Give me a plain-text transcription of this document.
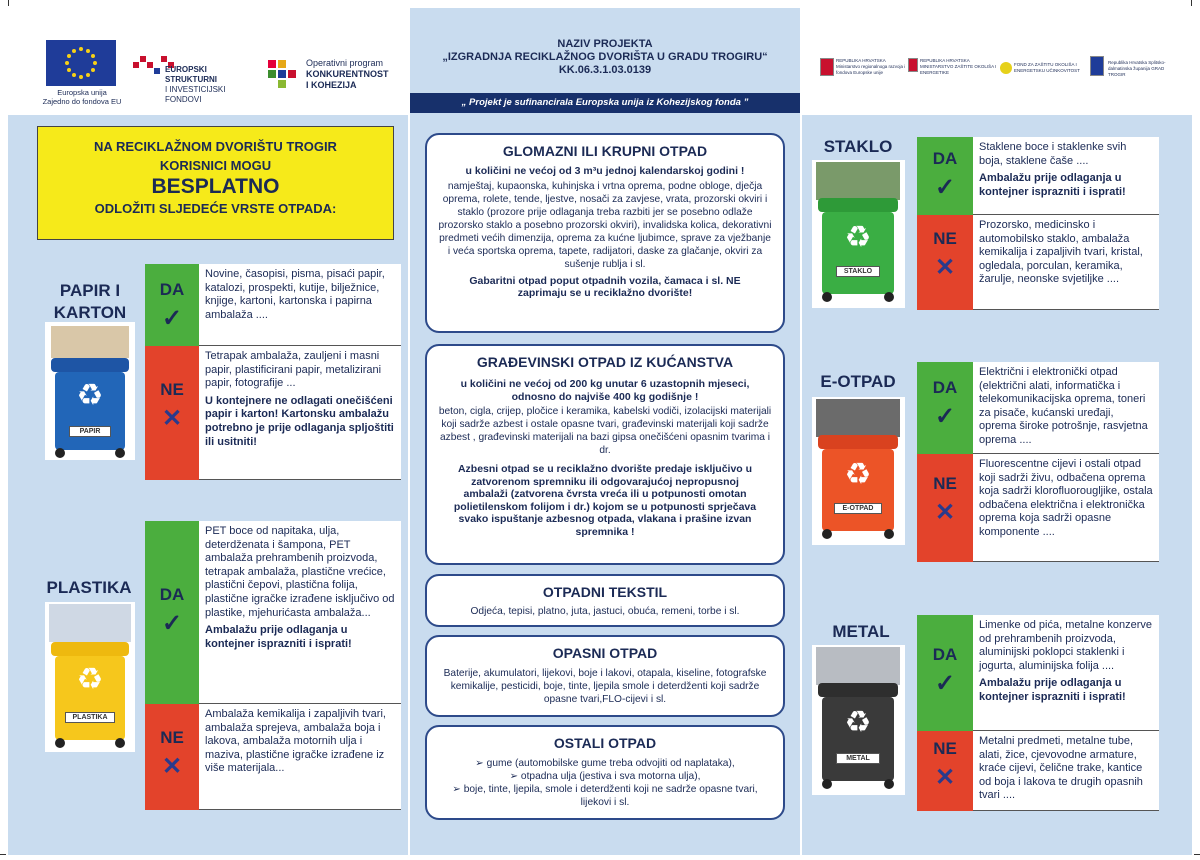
Europska unija
Zajedno do fondova EU
EUROPSKI STRUKTURNI
I INVESTICIJSKI FONDOVI
Operativni program
KONKURENTNOST
I KOHEZIJA
NAZIV PROJEKTA
„IZGRADNJA RECIKLAŽNOG DVORIŠTA U GRADU TROGIRU“
KK.06.3.1.03.0139
„ Projekt je sufinancirala Europska unija iz Kohezijskog fonda ”
REPUBLIKA HRVATSKA Ministarstvo regionalnoga razvoja i fondova Europske unije
REPUBLIKA HRVATSKA MINISTARSTVO ZAŠTITE OKOLIŠA I ENERGETIKE
FOND ZA ZAŠTITU OKOLIŠA I ENERGETSKU UČINKOVITOST
Republika Hrvatska Splitsko-dalmatinska županija GRAD TROGIR
NA RECIKLAŽNOM DVORIŠTU TROGIR
KORISNICI MOGU
BESPLATNO
ODLOŽITI SLJEDEĆE VRSTE OTPADA:
PAPIR I
KARTON
♻
PAPIR
DA
✓
Novine, časopisi, pisma, pisaći papir, katalozi, prospekti, kutije, bilježnice, knjige, kartoni, kartonska i papirna ambalaža ....
NE
✕
Tetrapak ambalaža, zauljeni i masni papir, plastificirani papir, metalizirani papir, fotografije ...
U kontejnere ne odlagati onečišćeni papir i karton! Kartonsku ambalažu potrebno je prije odlaganja spljoštiti ili usitniti!
PLASTIKA
♻
PLASTIKA
DA
✓
PET boce od napitaka, ulja, deterdženata i šampona, PET ambalaža prehrambenih proizvoda, tetrapak ambalaža, plastične vrećice, plastični čepovi, plastična folija, plastične igračke izrađene isključivo od plastike, mjehurićasta ambalaža...
Ambalažu prije odlaganja u kontejner isprazniti i isprati!
NE
✕
Ambalaža kemikalija i zapaljivih tvari, ambalaža sprejeva, ambalaža boja i lakova, ambalaža motornih ulja i maziva, plastične igračke izrađene iz više materijala...
GLOMAZNI ILI KRUPNI OTPAD
u količini ne većoj od 3 m³u jednoj kalendarskoj godini !
namještaj, kupaonska, kuhinjska i vrtna oprema, podne obloge, dječja oprema, rolete, tende, ljestve, nosači za zavjese, vrata, prozorski okviri i staklo (prozore prije odlaganja treba razbiti jer se posebno odlaže prozorsko staklo a posebno prozorski okviri), invalidska kolica, dekorativni predmeti većih dimenzija, oprema za kućne ljubimce, sprave za vježbanje i veća sportska oprema, tapete, radijatori, daske za glačanje, okviri za sušenje rublja i sl.
Gabaritni otpad poput otpadnih vozila, čamaca i sl. NE zaprimaju se u reciklažno dvorište!
GRAĐEVINSKI OTPAD IZ KUĆANSTVA
u količini ne većoj od 200 kg unutar 6 uzastopnih mjeseci, odnosno do najviše 400 kg godišnje !
beton, cigla, crijep, pločice i keramika, kabelski vodiči, izolacijski materijali koji sadrže azbest i ostale opasne tvari, građevinski materijali koji sadrže azbest , građevinski materijali na bazi gipsa onečišćeni opasnim tvarima i dr.
Azbesni otpad se u reciklažno dvorište predaje isključivo u zatvorenom spremniku ili odgovarajućoj nepropusnoj ambalaži (zatvorena čvrsta vreća ili u potpunosti omotan polietilenskom folijom i dr.) kojom se u potpunosti sprječava svako ispuštanje azbesnog otpada, vlakana i prašine izvan spremnika !
OTPADNI TEKSTIL
Odjeća, tepisi, platno, juta, jastuci, obuća, remeni, torbe i sl.
OPASNI OTPAD
Baterije, akumulatori, lijekovi, boje i lakovi, otapala, kiseline, fotografske kemikalije, pesticidi, boje, tinte, ljepila smole i deterdženti koji sadrže opasne tvari,FLO-cijevi i sl.
OSTALI OTPAD
➢ gume (automobilske gume treba odvojiti od naplataka),
➢ otpadna ulja (jestiva i sva motorna ulja),
➢ boje, tinte, ljepila, smole i deterdženti koji ne sadrže opasne tvari, lijekovi i sl.
STAKLO
♻
STAKLO
DA
✓
Staklene boce i staklenke svih boja, staklene čaše ....
Ambalažu prije odlaganja u kontejner isprazniti i isprati!
NE
✕
Prozorsko, medicinsko i automobilsko staklo, ambalaža kemikalija i zapaljivih tvari, kristal, ogledala, porculan, keramika, žarulje, neonske svjetiljke ....
E-OTPAD
♻
E-OTPAD
DA
✓
Električni i elektronički otpad (električni alati, informatička i telekomunikacijska oprema, toneri za pisače, kućanski uređaji, oprema široke potrošnje, rasvjetna oprema ....
NE
✕
Fluorescentne cijevi i ostali otpad koji sadrži živu, odbačena oprema koja sadrži klorofluorougljike, ostala odbačena električna i elektronička oprema koja sadrži opasne komponente ....
METAL
♻
METAL
DA
✓
Limenke od pića, metalne konzerve od prehrambenih proizvoda, aluminijski poklopci staklenki i jogurta, aluminijska folija ....
Ambalažu prije odlaganja u kontejner isprazniti i isprati!
NE
✕
Metalni predmeti, metalne tube, alati, žice, cjevovodne armature, kraće cijevi, čelične trake, kantice od boja i lakova te drugih opasnih tvari ....
